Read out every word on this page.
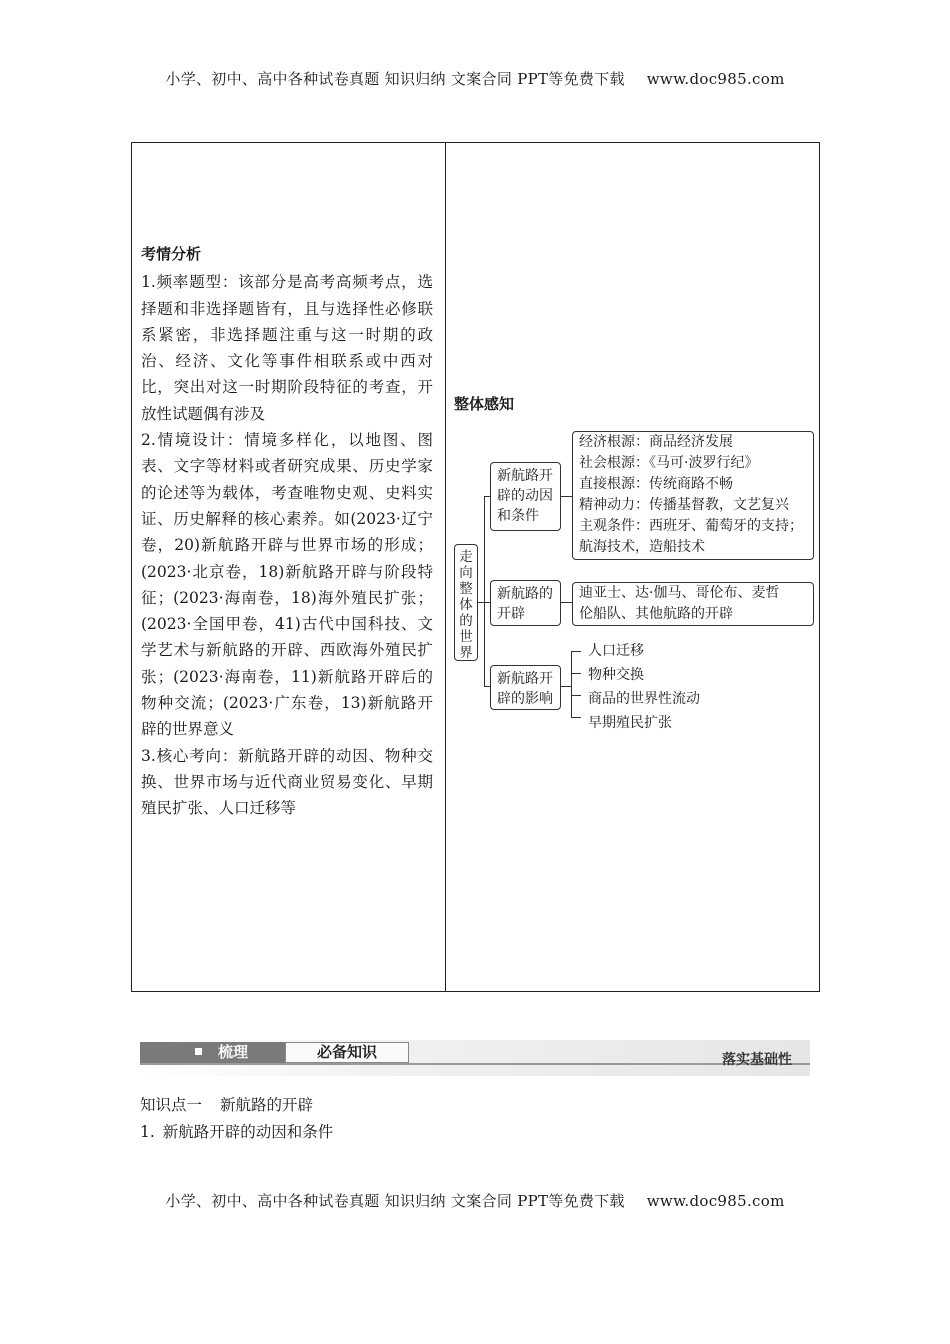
小学、初中、高中各种试卷真题 知识归纳 文案合同 PPT等免费下载 www.doc985.com
考情分析

1.频率题型：该部分是高考高频考点，选择题和非选择题皆有，且与选择性必修联系紧密，非选择题注重与这一时期的政治、经济、文化等事件相联系或中西对比，突出对这一时期阶段特征的考查，开放性试题偶有涉及

2.情境设计：情境多样化，以地图、图表、文字等材料或者研究成果、历史学家的论述等为载体，考查唯物史观、史料实证、历史解释的核心素养。如(2023·辽宁卷，20)新航路开辟与世界市场的形成；(2023·北京卷，18)新航路开辟与阶段特征；(2023·海南卷，18)海外殖民扩张；(2023·全国甲卷，41)古代中国科技、文学艺术与新航路的开辟、西欧海外殖民扩张；(2023·海南卷，11)新航路开辟后的物种交流；(2023·广东卷，13)新航路开辟的世界意义

3.核心考向：新航路开辟的动因、物种交换、世界市场与近代商业贸易变化、早期殖民扩张、人口迁移等

整体感知
走向整体的世界
新航路开辟的动因和条件
经济根源：商品经济发展
社会根源：《马可·波罗行纪》
直接根源：传统商路不畅
精神动力：传播基督教，文艺复兴
主观条件：西班牙、葡萄牙的支持；
航海技术，造船技术
新航路的开辟
迪亚士、达·伽马、哥伦布、麦哲
伦船队、其他航路的开辟
新航路开辟的影响
人口迁移
物种交换
商品的世界性流动
早期殖民扩张
梳理	必备知识	落实基础性
知识点一 新航路的开辟
1. 新航路开辟的动因和条件
小学、初中、高中各种试卷真题 知识归纳 文案合同 PPT等免费下载 www.doc985.com
